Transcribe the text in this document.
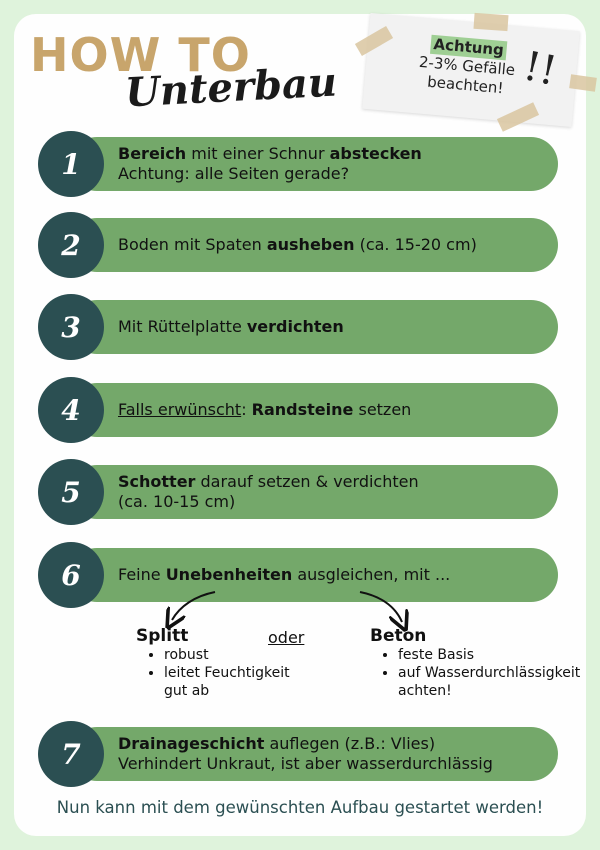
HOW TO
Unterbau
Achtung
2-3% Gefälle
beachten! !!
1	Bereich mit einer Schnur abstecken
Achtung: alle Seiten gerade?
2	Boden mit Spaten ausheben (ca. 15-20 cm)
3	Mit Rüttelplatte verdichten
4	Falls erwünscht: Randsteine setzen
5	Schotter darauf setzen & verdichten
(ca. 10-15 cm)
6	Feine Unebenheiten ausgleichen, mit ...
Splitt	oder	Beton
• robust
• leitet Feuchtigkeit gut ab
• feste Basis
• auf Wasserdurchlässigkeit achten!
7	Drainageschicht auflegen (z.B.: Vlies)
Verhindert Unkraut, ist aber wasserdurchlässig
Nun kann mit dem gewünschten Aufbau gestartet werden!
